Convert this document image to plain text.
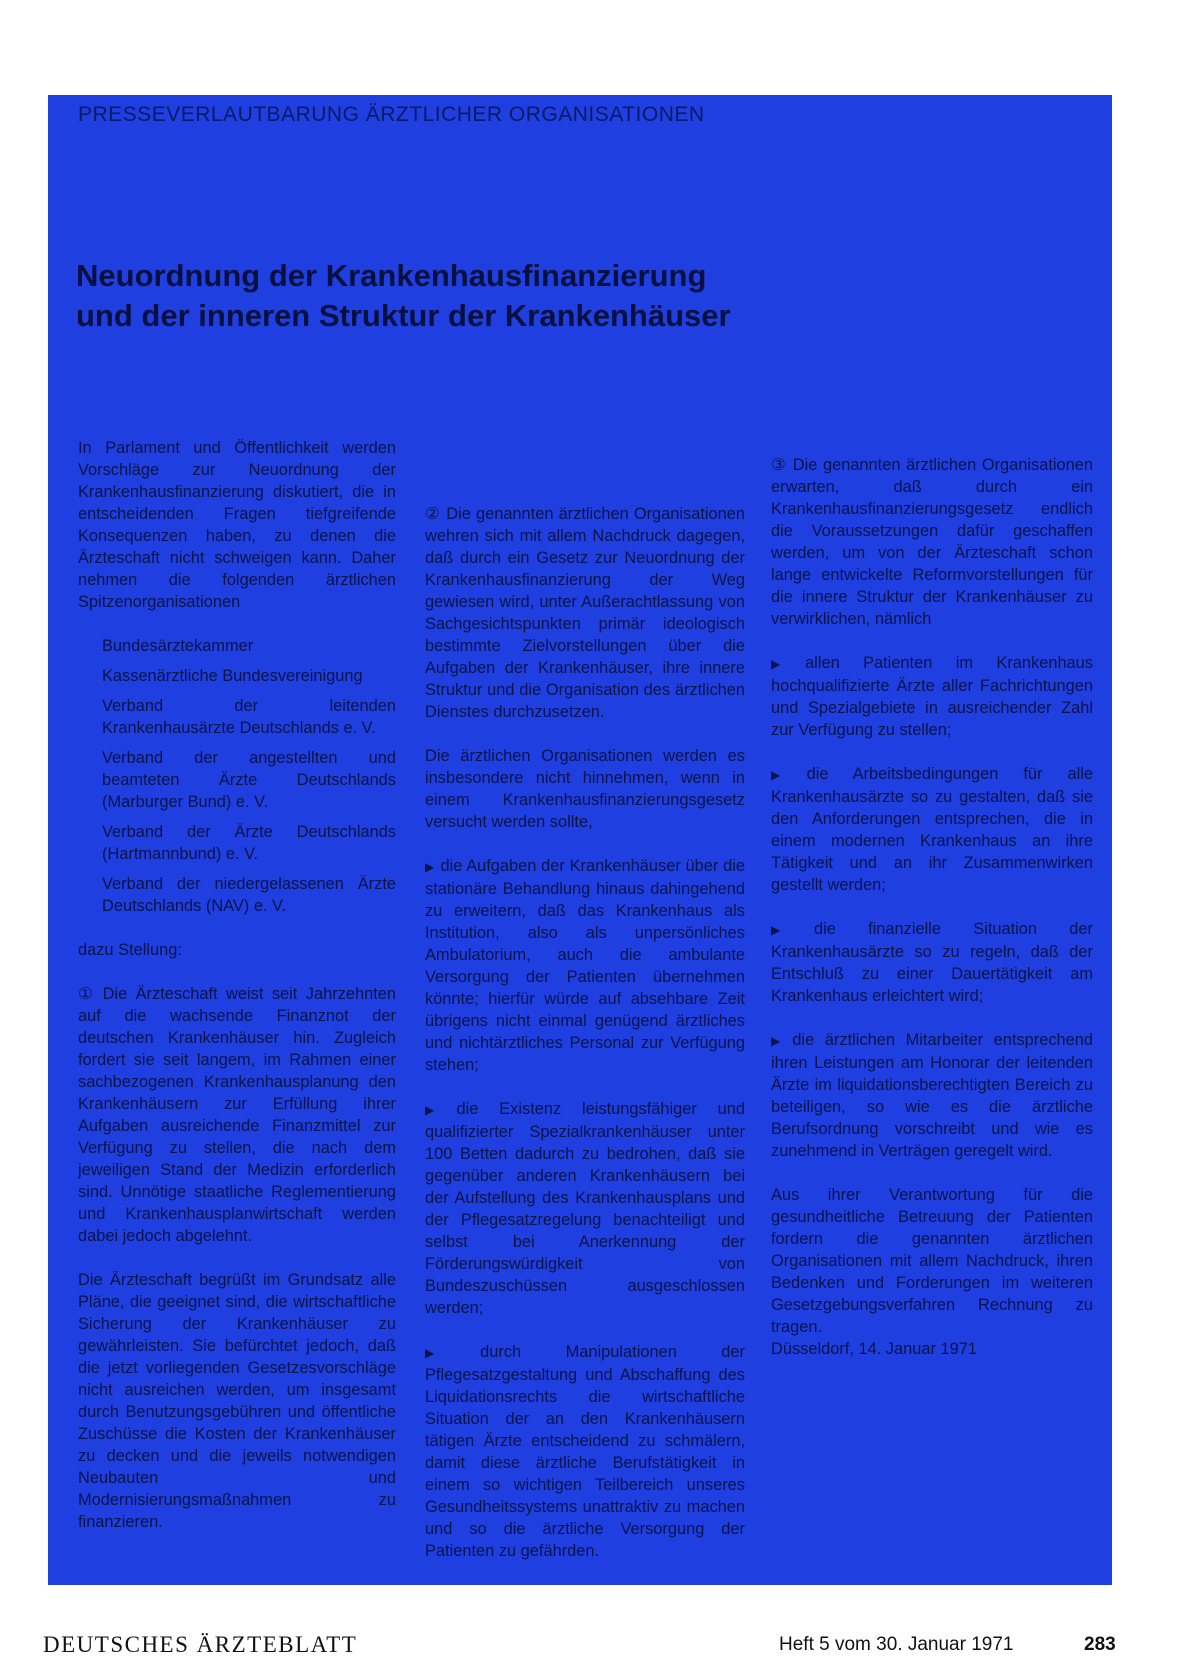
PRESSEVERLAUTBARUNG ÄRZTLICHER ORGANISATIONEN
Neuordnung der Krankenhausfinanzierung und der inneren Struktur der Krankenhäuser

In Parlament und Öffentlichkeit werden Vorschläge zur Neuordnung der Krankenhausfinanzierung diskutiert, die in entscheidenden Fragen tiefgreifende Konsequenzen haben, zu denen die Ärzteschaft nicht schweigen kann. Daher nehmen die folgenden ärztlichen Spitzenorganisationen

Bundesärztekammer
Kassenärztliche Bundesvereinigung
Verband der leitenden Krankenhausärzte Deutschlands e. V.
Verband der angestellten und beamteten Ärzte Deutschlands (Marburger Bund) e. V.
Verband der Ärzte Deutschlands (Hartmannbund) e. V.
Verband der niedergelassenen Ärzte Deutschlands (NAV) e. V.

dazu Stellung:

① Die Ärzteschaft weist seit Jahrzehnten auf die wachsende Finanznot der deutschen Krankenhäuser hin. Zugleich fordert sie seit langem, im Rahmen einer sachbezogenen Krankenhausplanung den Krankenhäusern zur Erfüllung ihrer Aufgaben ausreichende Finanzmittel zur Verfügung zu stellen, die nach dem jeweiligen Stand der Medizin erforderlich sind. Unnötige staatliche Reglementierung und Krankenhausplanwirtschaft werden dabei jedoch abgelehnt.

Die Ärzteschaft begrüßt im Grundsatz alle Pläne, die geeignet sind, die wirtschaftliche Sicherung der Krankenhäuser zu gewährleisten. Sie befürchtet jedoch, daß die jetzt vorliegenden Gesetzesvorschläge nicht ausreichen werden, um insgesamt durch Benutzungsgebühren und öffentliche Zuschüsse die Kosten der Krankenhäuser zu decken und die jeweils notwendigen Neubauten und Modernisierungsmaßnahmen zu finanzieren.

② Die genannten ärztlichen Organisationen wehren sich mit allem Nachdruck dagegen, daß durch ein Gesetz zur Neuordnung der Krankenhausfinanzierung der Weg gewiesen wird, unter Außerachtlassung von Sachgesichtspunkten primär ideologisch bestimmte Zielvorstellungen über die Aufgaben der Krankenhäuser, ihre innere Struktur und die Organisation des ärztlichen Dienstes durchzusetzen.

Die ärztlichen Organisationen werden es insbesondere nicht hinnehmen, wenn in einem Krankenhausfinanzierungsgesetz versucht werden sollte,

▶ die Aufgaben der Krankenhäuser über die stationäre Behandlung hinaus dahingehend zu erweitern, daß das Krankenhaus als Institution, also als unpersönliches Ambulatorium, auch die ambulante Versorgung der Patienten übernehmen könnte; hierfür würde auf absehbare Zeit übrigens nicht einmal genügend ärztliches und nichtärztliches Personal zur Verfügung stehen;

▶ die Existenz leistungsfähiger und qualifizierter Spezialkrankenhäuser unter 100 Betten dadurch zu bedrohen, daß sie gegenüber anderen Krankenhäusern bei der Aufstellung des Krankenhausplans und der Pflegesatzregelung benachteiligt und selbst bei Anerkennung der Förderungswürdigkeit von Bundeszuschüssen ausgeschlossen werden;

▶ durch Manipulationen der Pflegesatzgestaltung und Abschaffung des Liquidationsrechts die wirtschaftliche Situation der an den Krankenhäusern tätigen Ärzte entscheidend zu schmälern, damit diese ärztliche Berufstätigkeit in einem so wichtigen Teilbereich unseres Gesundheitssystems unattraktiv zu machen und so die ärztliche Versorgung der Patienten zu gefährden.

③ Die genannten ärztlichen Organisationen erwarten, daß durch ein Krankenhausfinanzierungsgesetz endlich die Voraussetzungen dafür geschaffen werden, um von der Ärzteschaft schon lange entwickelte Reformvorstellungen für die innere Struktur der Krankenhäuser zu verwirklichen, nämlich

▶ allen Patienten im Krankenhaus hochqualifizierte Ärzte aller Fachrichtungen und Spezialgebiete in ausreichender Zahl zur Verfügung zu stellen;

▶ die Arbeitsbedingungen für alle Krankenhausärzte so zu gestalten, daß sie den Anforderungen entsprechen, die in einem modernen Krankenhaus an ihre Tätigkeit und an ihr Zusammenwirken gestellt werden;

▶ die finanzielle Situation der Krankenhausärzte so zu regeln, daß der Entschluß zu einer Dauertätigkeit am Krankenhaus erleichtert wird;

▶ die ärztlichen Mitarbeiter entsprechend ihren Leistungen am Honorar der leitenden Ärzte im liquidationsberechtigten Bereich zu beteiligen, so wie es die ärztliche Berufsordnung vorschreibt und wie es zunehmend in Verträgen geregelt wird.

Aus ihrer Verantwortung für die gesundheitliche Betreuung der Patienten fordern die genannten ärztlichen Organisationen mit allem Nachdruck, ihren Bedenken und Forderungen im weiteren Gesetzgebungsverfahren Rechnung zu tragen.

Düsseldorf, 14. Januar 1971

DEUTSCHES ÄRZTEBLATT	Heft 5 vom 30. Januar 1971	283
